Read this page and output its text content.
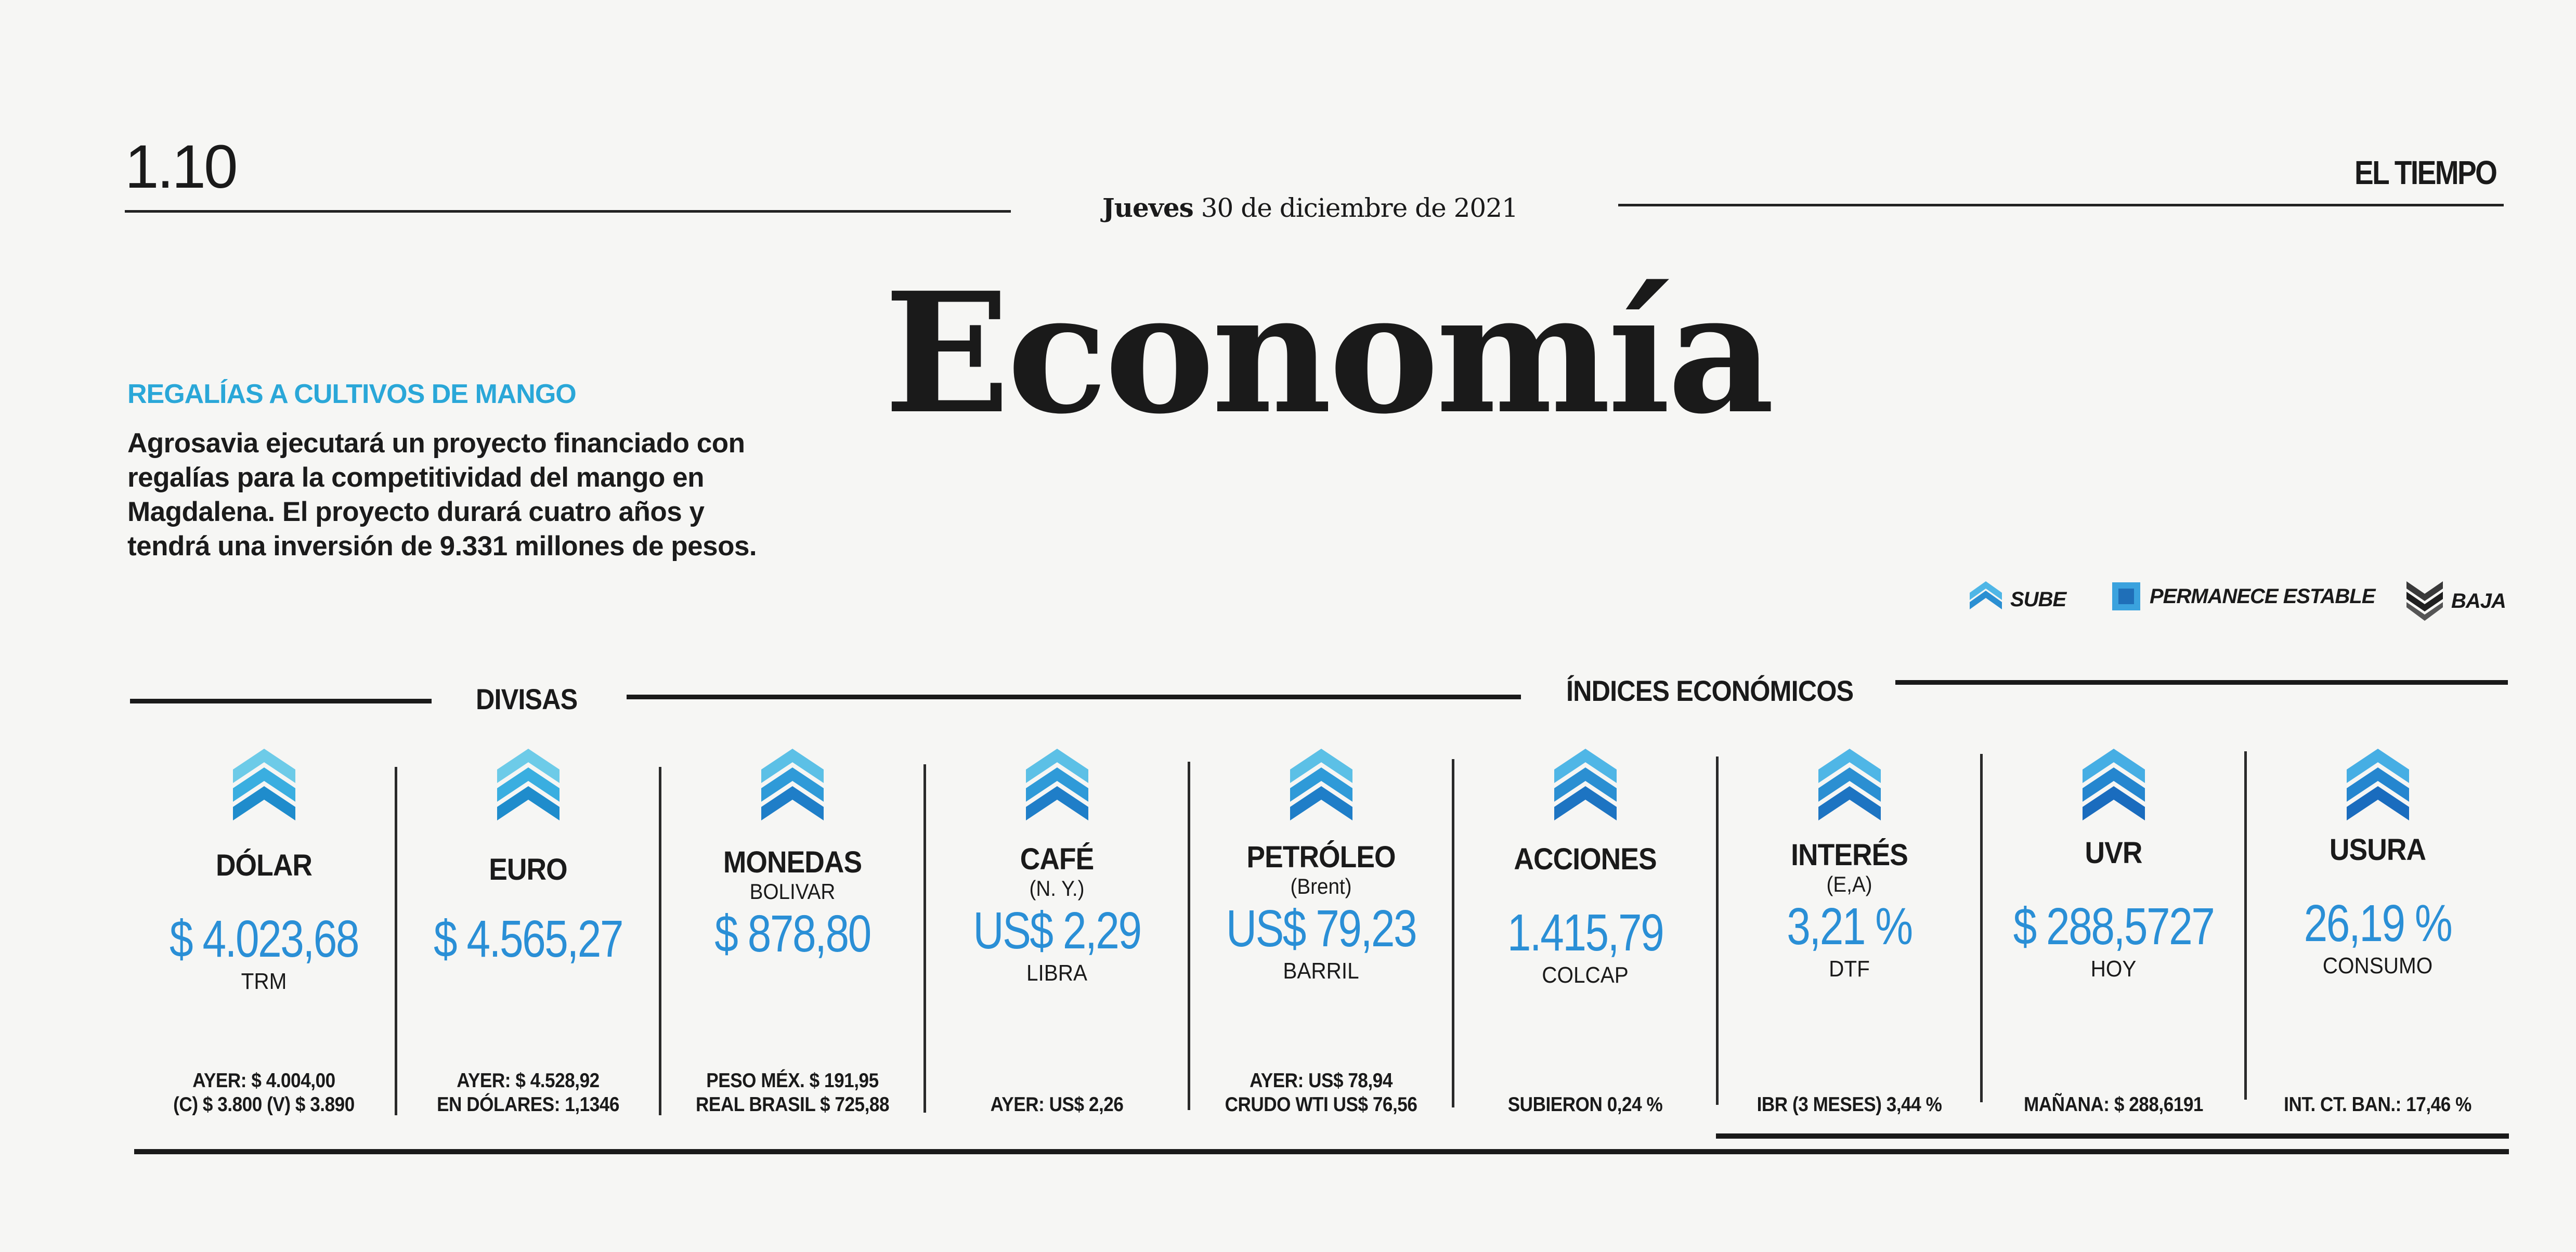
1.10
Jueves 30 de diciembre de 2021
EL TIEMPO
Economía
REGALÍAS A CULTIVOS DE MANGO
Agrosavia ejecutará un proyecto financiado con regalías para la competitividad del mango en Magdalena. El proyecto durará cuatro años y tendrá una inversión de 9.331 millones de pesos.
SUBE	PERMANECE ESTABLE	BAJA
DIVISAS	ÍNDICES ECONÓMICOS
DÓLAR
$ 4.023,68
TRM
AYER: $ 4.004,00
(C) $ 3.800 (V) $ 3.890
EURO
$ 4.565,27
AYER: $ 4.528,92
EN DÓLARES: 1,1346
MONEDAS
BOLIVAR
$ 878,80
PESO MÉX. $ 191,95
REAL BRASIL $ 725,88
CAFÉ
(N. Y.)
US$ 2,29
LIBRA
AYER: US$ 2,26
PETRÓLEO
(Brent)
US$ 79,23
BARRIL
AYER: US$ 78,94
CRUDO WTI US$ 76,56
ACCIONES
1.415,79
COLCAP
SUBIERON 0,24 %
INTERÉS
(E,A)
3,21 %
DTF
IBR (3 MESES) 3,44 %
UVR
$ 288,5727
HOY
MAÑANA: $ 288,6191
USURA
26,19 %
CONSUMO
INT. CT. BAN.: 17,46 %
